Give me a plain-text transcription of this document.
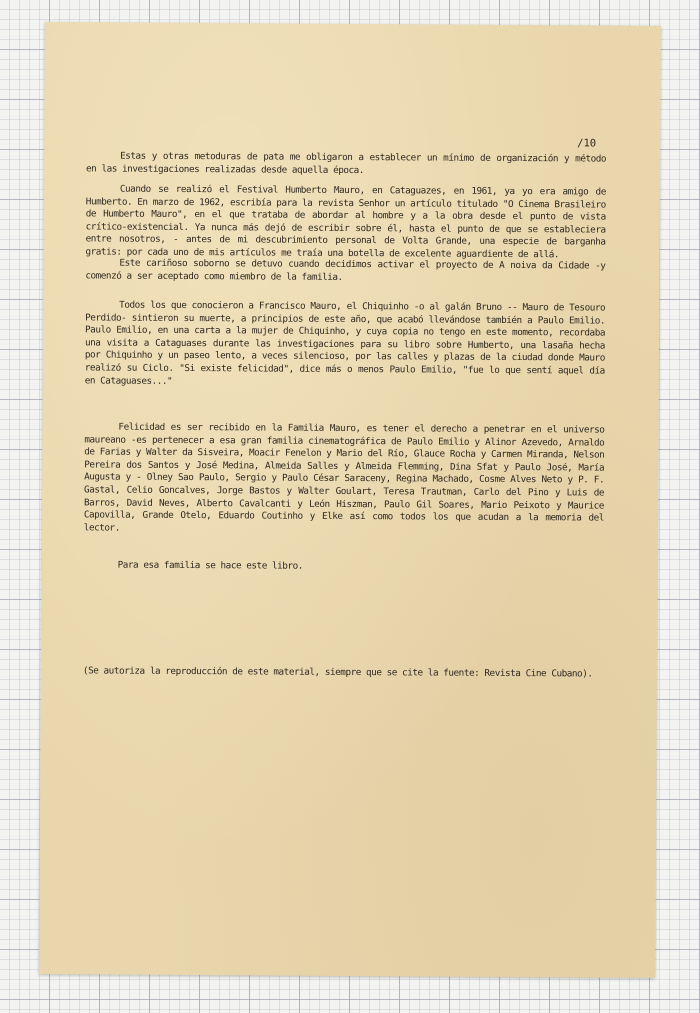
/10

Estas y otras metoduras de pata me obligaron a establecer un mínimo de organización y método en las investigaciones realizadas desde aquella época.

Cuando se realizó el Festival Humberto Mauro, en Cataguazes, en 1961, ya yo era amigo de Humberto. En marzo de 1962, escribía para la revista Senhor un artículo titulado "O Cinema Brasileiro de Humberto Mauro", en el que trataba de abordar al hombre y a la obra desde el punto de vista crítico-existencial. Ya nunca más dejó de escribir sobre él, hasta el punto de que se estableciera entre nosotros, - antes de mi descubrimiento personal de Volta Grande, una especie de barganha gratis: por cada uno de mis artículos me traía una botella de excelente aguardiente de allá.

Este cariñoso soborno se detuvo cuando decidimos activar el proyecto de A noiva da Cidade -y comenzó a ser aceptado como miembro de la familia.

Todos los que conocieron a Francisco Mauro, el Chiquinho -o al galán Bruno -- Mauro de Tesouro Perdido- sintieron su muerte, a principios de este año, que acabó llevándose también a Paulo Emilio. Paulo Emilio, en una carta a la mujer de Chiquinho, y cuya copia no tengo en este momento, recordaba una visita a Cataguases durante las investigaciones para su libro sobre Humberto, una lasaña hecha por Chiquinho y un paseo lento, a veces silencioso, por las calles y plazas de la ciudad donde Mauro realizó su Ciclo. "Si existe felicidad", dice más o menos Paulo Emilio, "fue lo que sentí aquel día en Cataguases..."

Felicidad es ser recibido en la Familia Mauro, es tener el derecho a penetrar en el universo maureano -es pertenecer a esa gran familia cinematográfica de Paulo Emilio y Alinor Azevedo, Arnaldo de Farias y Walter da Sisveira, Moacir Fenelon y Mario del Río, Glauce Rocha y Carmen Miranda, Nelson Pereira dos Santos y José Medina, Almeida Salles y Almeida Flemming, Dina Sfat y Paulo José, María Augusta y - Olney Sao Paulo, Sergio y Paulo César Saraceny, Regina Machado, Cosme Alves Neto y P. F. Gastal, Celio Goncalves, Jorge Bastos y Walter Goulart, Teresa Trautman, Carlo del Pino y Luis de Barros, David Neves, Alberto Cavalcanti y León Hiszman, Paulo Gil Soares, Mario Peixoto y Maurice Capovilla, Grande Otelo, Eduardo Coutinho y Elke así como todos los que acudan a la memoria del lector.

Para esa familia se hace este libro.

(Se autoriza la reproducción de este material, siempre que se cite la fuente: Revista Cine Cubano).
